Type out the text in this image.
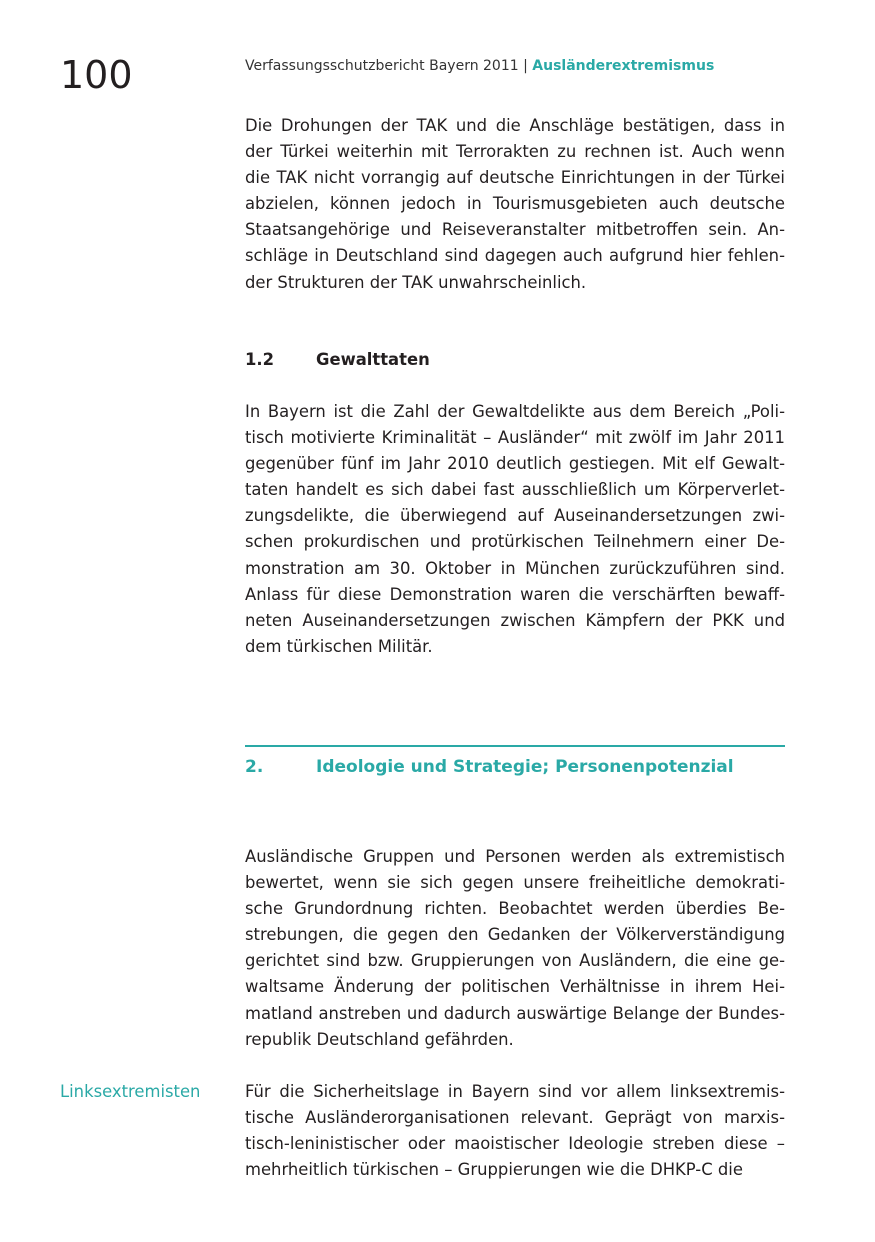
100	Verfassungsschutzbericht Bayern 2011 | Ausländerextremismus

Die Drohungen der TAK und die Anschläge bestätigen, dass in der Türkei weiterhin mit Terrorakten zu rechnen ist. Auch wenn die TAK nicht vorrangig auf deutsche Einrichtungen in der Türkei abzielen, können jedoch in Tourismusgebieten auch deutsche Staatsangehörige und Reiseveranstalter mitbetroffen sein. Anschläge in Deutschland sind dagegen auch aufgrund hier fehlender Strukturen der TAK unwahrscheinlich.

1.2	Gewalttaten

In Bayern ist die Zahl der Gewaltdelikte aus dem Bereich „Politisch motivierte Kriminalität – Ausländer“ mit zwölf im Jahr 2011 gegenüber fünf im Jahr 2010 deutlich gestiegen. Mit elf Gewalttaten handelt es sich dabei fast ausschließlich um Körperverletzungsdelikte, die überwiegend auf Auseinandersetzungen zwischen prokurdischen und protürkischen Teilnehmern einer Demonstration am 30. Oktober in München zurückzuführen sind. Anlass für diese Demonstration waren die verschärften bewaffneten Auseinandersetzungen zwischen Kämpfern der PKK und dem türkischen Militär.

2.	Ideologie und Strategie; Personenpotenzial

Ausländische Gruppen und Personen werden als extremistisch bewertet, wenn sie sich gegen unsere freiheitliche demokratische Grundordnung richten. Beobachtet werden überdies Bestrebungen, die gegen den Gedanken der Völkerverständigung gerichtet sind bzw. Gruppierungen von Ausländern, die eine gewaltsame Änderung der politischen Verhältnisse in ihrem Heimatland anstreben und dadurch auswärtige Belange der Bundesrepublik Deutschland gefährden.

Linksextremisten	Für die Sicherheitslage in Bayern sind vor allem linksextremistische Ausländerorganisationen relevant. Geprägt von marxistisch-leninistischer oder maoistischer Ideologie streben diese – mehrheitlich türkischen – Gruppierungen wie die DHKP-C die
